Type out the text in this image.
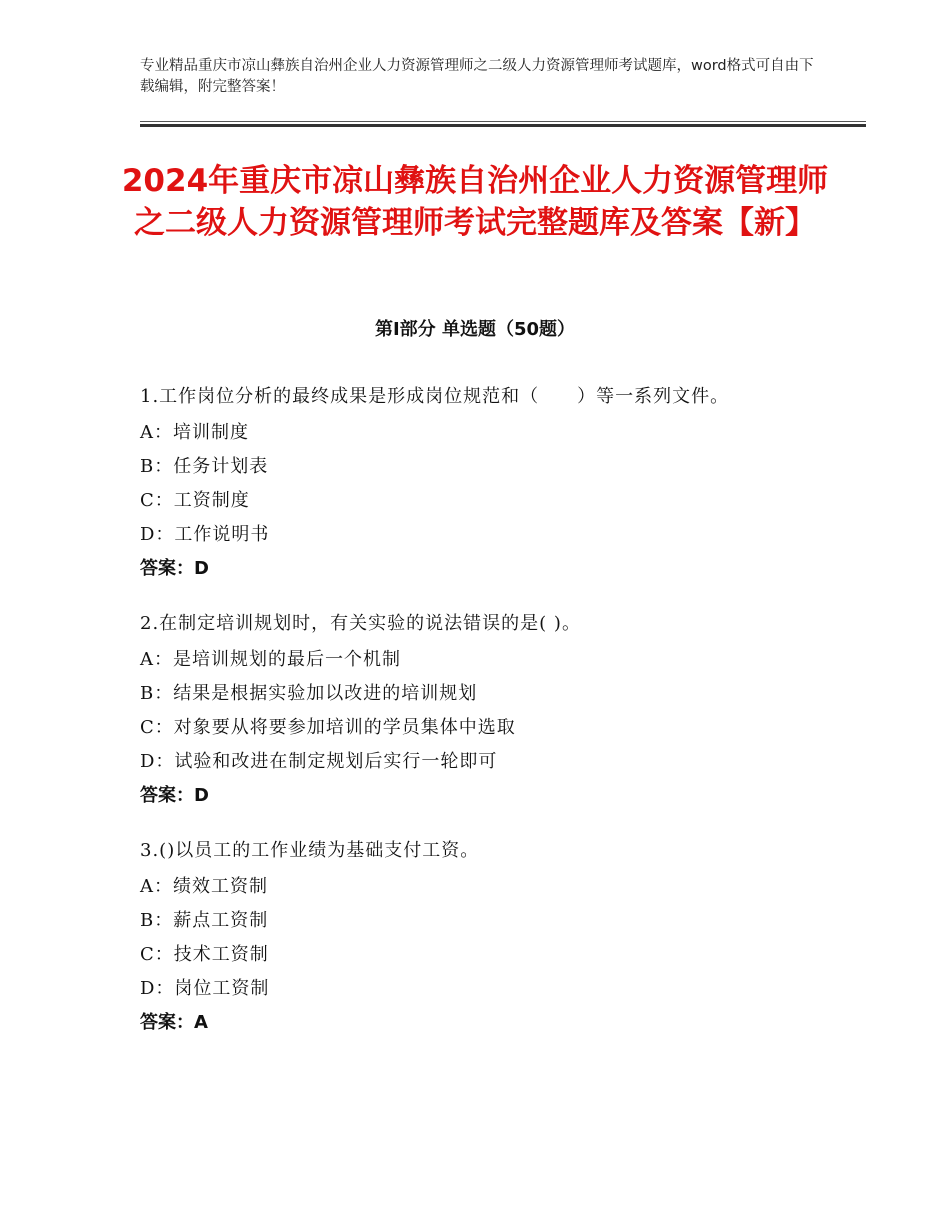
专业精品重庆市凉山彝族自治州企业人力资源管理师之二级人力资源管理师考试题库，word格式可自由下载编辑，附完整答案！
2024年重庆市凉山彝族自治州企业人力资源管理师之二级人力资源管理师考试完整题库及答案【新】
第Ⅰ部分 单选题（50题）
1.工作岗位分析的最终成果是形成岗位规范和（　　）等一系列文件。
A：培训制度
B：任务计划表
C：工资制度
D：工作说明书
答案：D
2.在制定培训规划时，有关实验的说法错误的是( )。
A：是培训规划的最后一个机制
B：结果是根据实验加以改进的培训规划
C：对象要从将要参加培训的学员集体中选取
D：试验和改进在制定规划后实行一轮即可
答案：D
3.()以员工的工作业绩为基础支付工资。
A：绩效工资制
B：薪点工资制
C：技术工资制
D：岗位工资制
答案：A
